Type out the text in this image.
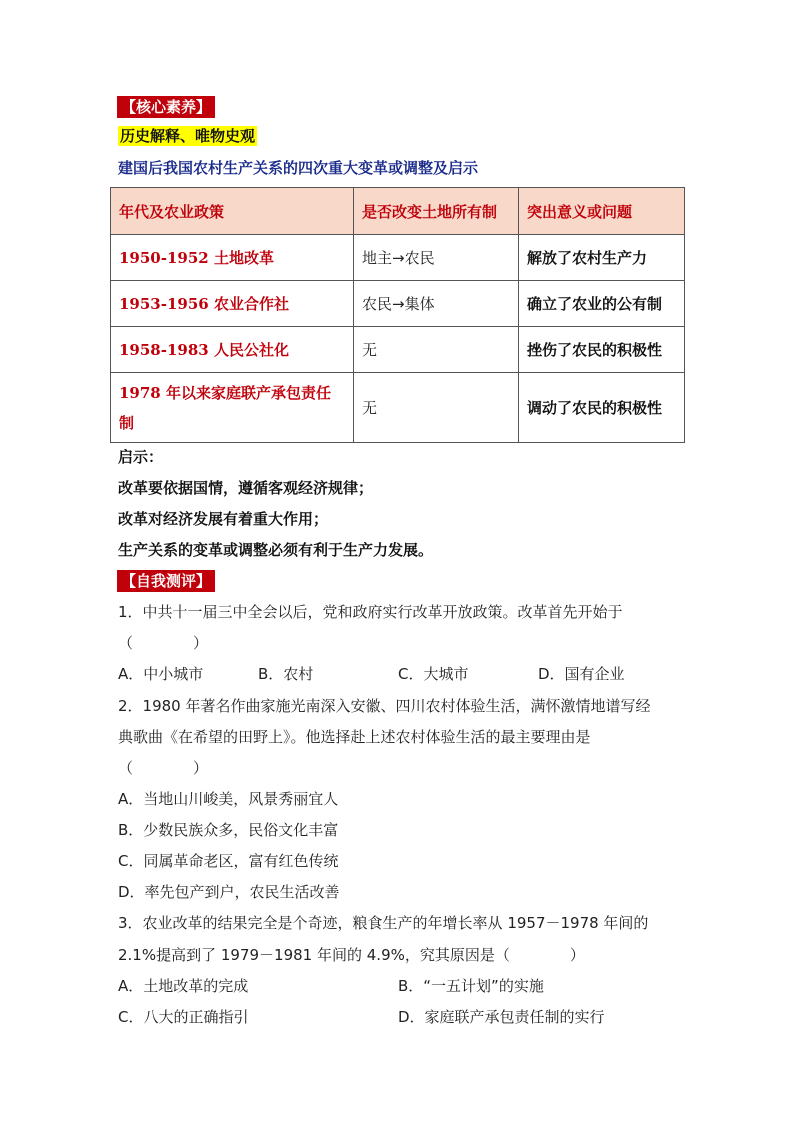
【核心素养】
历史解释、唯物史观
建国后我国农村生产关系的四次重大变革或调整及启示
年代及农业政策	是否改变土地所有制	突出意义或问题
1950-1952 土地改革	地主→农民	解放了农村生产力
1953-1956 农业合作社	农民→集体	确立了农业的公有制
1958-1983 人民公社化	无	挫伤了农民的积极性
1978 年以来家庭联产承包责任制	无	调动了农民的积极性
启示：
改革要依据国情，遵循客观经济规律；
改革对经济发展有着重大作用；
生产关系的变革或调整必须有利于生产力发展。
【自我测评】
1．中共十一届三中全会以后，党和政府实行改革开放政策。改革首先开始于
（　　　　）
A．中小城市	B．农村	C．大城市	D．国有企业
2．1980 年著名作曲家施光南深入安徽、四川农村体验生活，满怀激情地谱写经
典歌曲《在希望的田野上》。他选择赴上述农村体验生活的最主要理由是
（　　　　）
A．当地山川峻美，风景秀丽宜人
B．少数民族众多，民俗文化丰富
C．同属革命老区，富有红色传统
D．率先包产到户，农民生活改善
3．农业改革的结果完全是个奇迹，粮食生产的年增长率从 1957－1978 年间的
2.1%提高到了 1979－1981 年间的 4.9%，究其原因是（　　　　）
A．土地改革的完成	B．“一五计划”的实施
C．八大的正确指引	D．家庭联产承包责任制的实行
